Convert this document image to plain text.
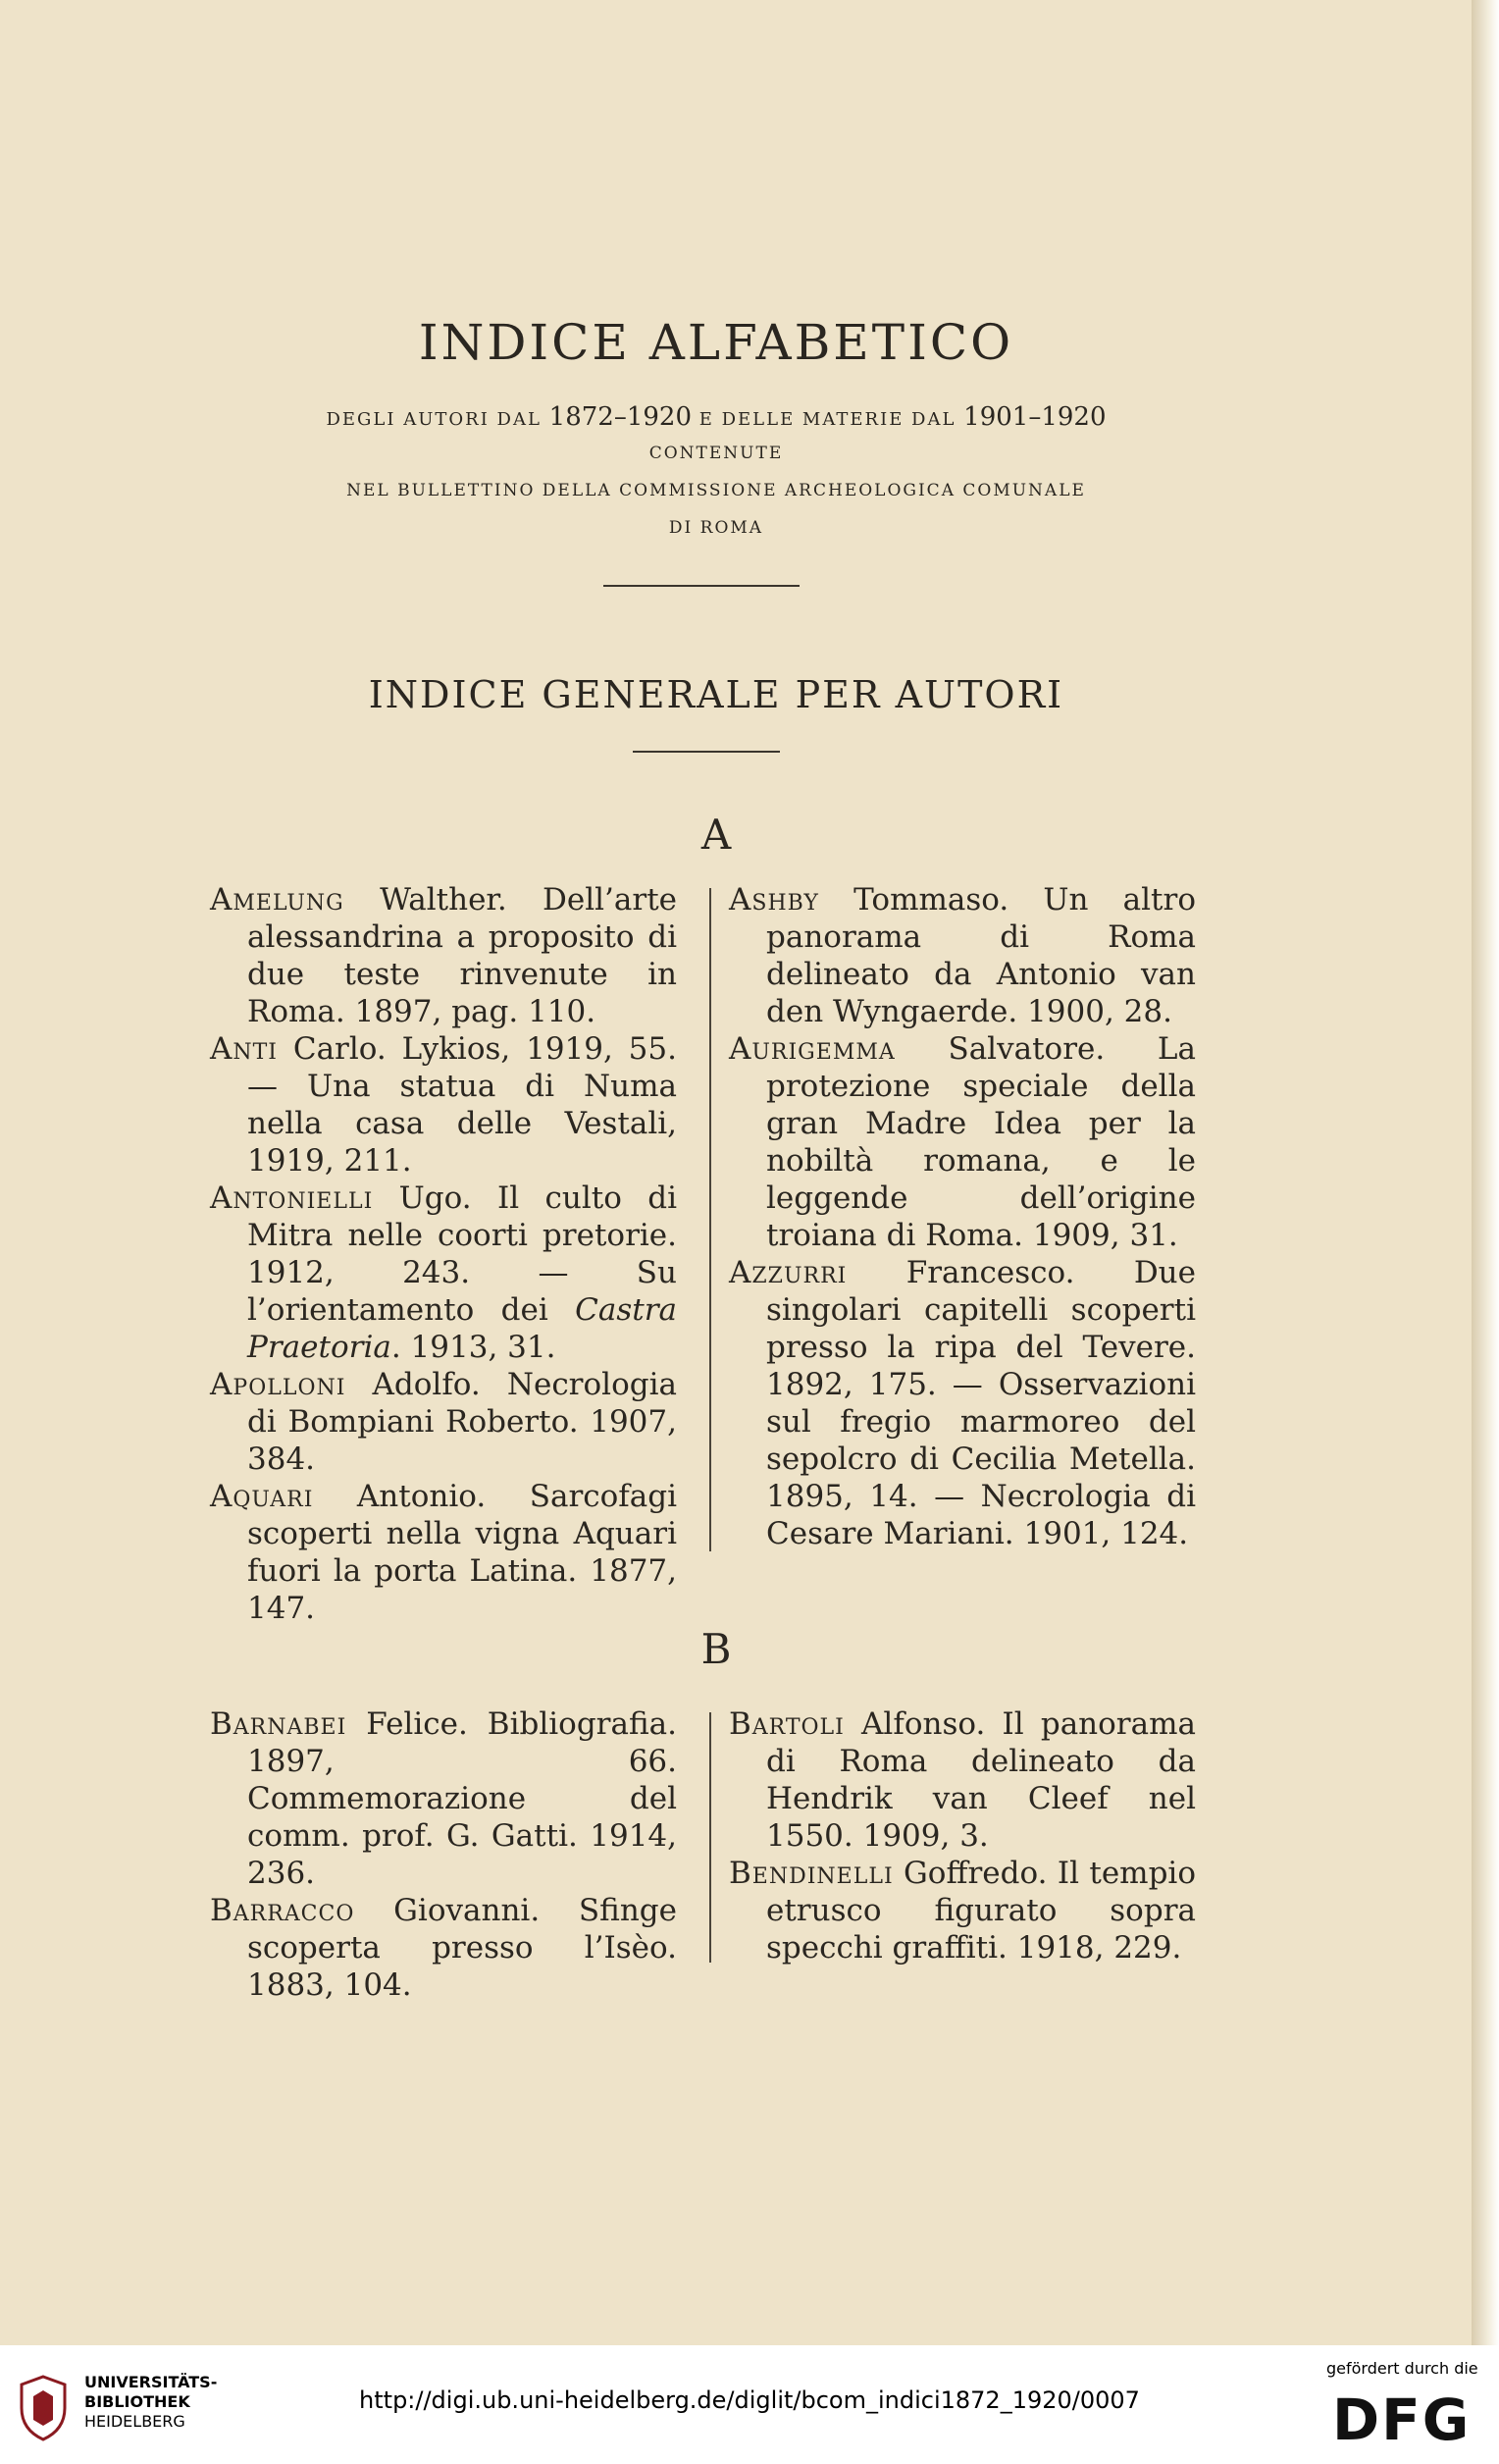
INDICE ALFABETICO
DEGLI AUTORI DAL 1872–1920 E DELLE MATERIE DAL 1901–1920
CONTENUTE
NEL BULLETTINO DELLA COMMISSIONE ARCHEOLOGICA COMUNALE
DI ROMA
INDICE GENERALE PER AUTORI
A

Amelung Walther. Dell’arte alessandrina a proposito di due teste rinvenute in Roma. 1897, pag. 110.

Anti Carlo. Lykios, 1919, 55. — Una statua di Numa nella casa delle Vestali, 1919, 211.

Antonielli Ugo. Il culto di Mitra nelle coorti pretorie. 1912, 243. — Su l’orientamento dei Castra Praetoria. 1913, 31.

Apolloni Adolfo. Necrologia di Bompiani Roberto. 1907, 384.

Aquari Antonio. Sarcofagi scoperti nella vigna Aquari fuori la porta Latina. 1877, 147.

Ashby Tommaso. Un altro panorama di Roma delineato da Antonio van den Wyngaerde. 1900, 28.

Aurigemma Salvatore. La protezione speciale della gran Madre Idea per la nobiltà romana, e le leggende dell’origine troiana di Roma. 1909, 31.

Azzurri Francesco. Due singolari capitelli scoperti presso la ripa del Tevere. 1892, 175. — Osservazioni sul fregio marmoreo del sepolcro di Cecilia Metella. 1895, 14. — Necrologia di Cesare Mariani. 1901, 124.

B

Barnabei Felice. Bibliografia. 1897, 66. Commemorazione del comm. prof. G. Gatti. 1914, 236.

Barracco Giovanni. Sfinge scoperta presso l’Isèo. 1883, 104.

Bartoli Alfonso. Il panorama di Roma delineato da Hendrik van Cleef nel 1550. 1909, 3.

Bendinelli Goffredo. Il tempio etrusco figurato sopra specchi graffiti. 1918, 229.

UNIVERSITÄTS-
BIBLIOTHEK
HEIDELBERG
http://digi.ub.uni-heidelberg.de/diglit/bcom_indici1872_1920/0007
gefördert durch die
DFG
